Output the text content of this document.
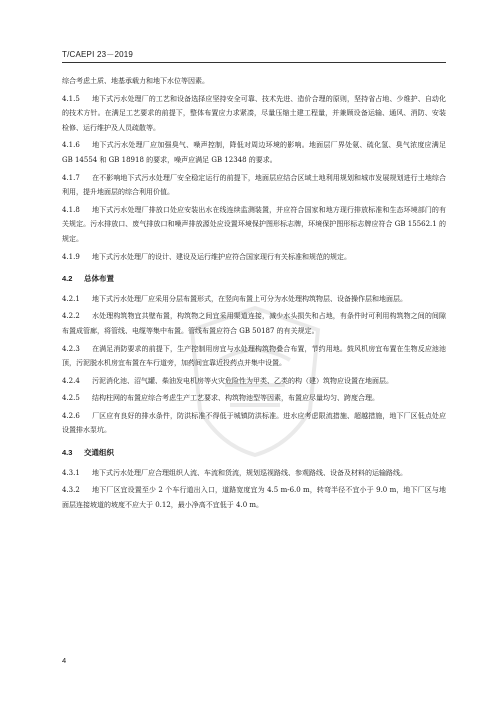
T/CAEPI 23－2019

综合考虑土质、地基承载力和地下水位等因素。

4.1.5 地下式污水处理厂的工艺和设备选择应坚持安全可靠、技术先进、造价合理的原则，坚持省占地、少维护、自动化的技术方针。在满足工艺要求的前提下，整体布置应力求紧凑，尽量压缩土建工程量，并兼顾设备运输、通风、消防、安装检修、运行维护及人员疏散等。

4.1.6 地下式污水处理厂应加强臭气、噪声控制，降低对周边环境的影响。地面层厂界处氨、硫化氢、臭气浓度应满足 GB 14554 和 GB 18918 的要求，噪声应满足 GB 12348 的要求。

4.1.7 在不影响地下式污水处理厂安全稳定运行的前提下，地面层应结合区域土地利用规划和城市发展规划进行土地综合利用，提升地面层的综合利用价值。

4.1.8 地下式污水处理厂排放口处应安装出水在线连续监测装置，并应符合国家和地方现行排放标准和生态环境部门的有关规定。污水排放口、废气排放口和噪声排放源处应设置环境保护图形标志牌，环境保护图形标志牌应符合 GB 15562.1 的规定。

4.1.9 地下式污水处理厂的设计、建设及运行维护应符合国家现行有关标准和规范的规定。

4.2 总体布置

4.2.1 地下式污水处理厂应采用分层布置形式，在竖向布置上可分为水处理构筑物层、设备操作层和地面层。

4.2.2 水处理构筑物宜共壁布置，构筑物之间宜采用渠道连接，减少水头损失和占地，有条件时可利用构筑物之间的间隙布置成管廊，将管线、电缆等集中布置。管线布置应符合 GB 50187 的有关规定。

4.2.3 在满足消防要求的前提下，生产控制用房宜与水处理构筑物叠合布置，节约用地。鼓风机房宜布置在生物反应池池顶，污泥脱水机房宜布置在车行道旁，加药间宜靠近投药点并集中设置。

4.2.4 污泥消化池、沼气罐、柴油发电机房等火灾危险性为甲类、乙类的构（建）筑物应设置在地面层。

4.2.5 结构柱网的布置应综合考虑生产工艺要求、构筑物池型等因素，布置应尽量均匀、跨度合理。

4.2.6 厂区应有良好的排水条件，防洪标准不得低于城镇防洪标准。进水应考虑限流措施、超越措施，地下厂区低点处应设置排水泵坑。

4.3 交通组织

4.3.1 地下式污水处理厂应合理组织人流、车流和货流，规划巡视路线、参观路线、设备及材料的运输路线。

4.3.2 地下厂区宜设置至少 2 个车行道出入口，道路宽度宜为 4.5 m-6.0 m，转弯半径不宜小于 9.0 m，地下厂区与地面层连接坡道的坡度不应大于 0.12，最小净高不宜低于 4.0 m。

4
